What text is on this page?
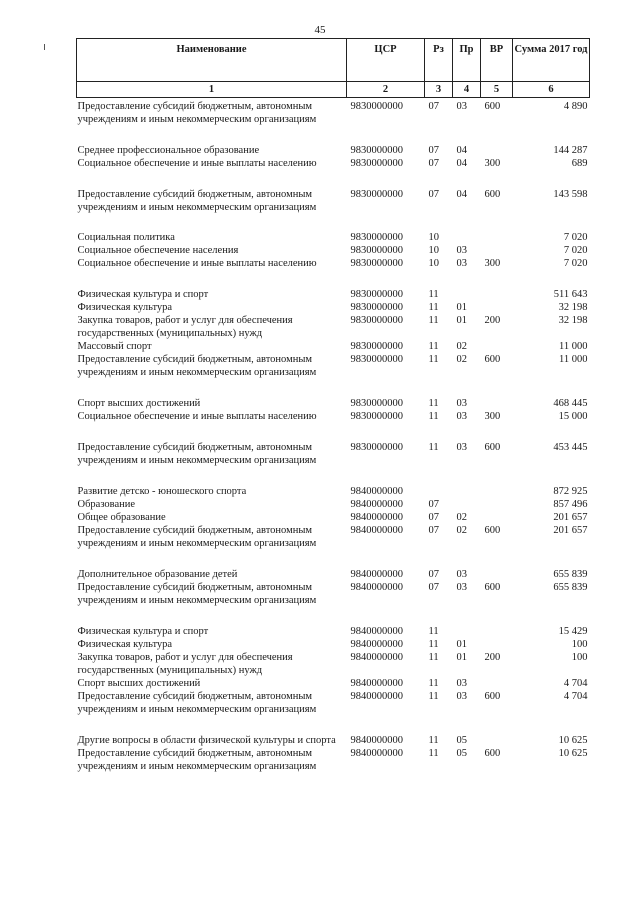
45
Наименование	ЦСР	Рз	Пр	ВР	Сумма 2017 год
1	2	3	4	5	6
Предоставление субсидий бюджетным, автономным учреждениям и иным некоммерческим организациям	9830000000	07	03	600	4 890
Среднее профессиональное образование	9830000000	07	04		144 287
Социальное обеспечение и иные выплаты населению	9830000000	07	04	300	689
Предоставление субсидий бюджетным, автономным учреждениям и иным некоммерческим организациям	9830000000	07	04	600	143 598
Социальная политика	9830000000	10			7 020
Социальное обеспечение населения	9830000000	10	03		7 020
Социальное обеспечение и иные выплаты населению	9830000000	10	03	300	7 020
Физическая культура и спорт	9830000000	11			511 643
Физическая культура	9830000000	11	01		32 198
Закупка товаров, работ и услуг для обеспечения государственных (муниципальных) нужд	9830000000	11	01	200	32 198
Массовый спорт	9830000000	11	02		11 000
Предоставление субсидий бюджетным, автономным учреждениям и иным некоммерческим организациям	9830000000	11	02	600	11 000
Спорт высших достижений	9830000000	11	03		468 445
Социальное обеспечение и иные выплаты населению	9830000000	11	03	300	15 000
Предоставление субсидий бюджетным, автономным учреждениям и иным некоммерческим организациям	9830000000	11	03	600	453 445
Развитие детско - юношеского спорта	9840000000				872 925
Образование	9840000000	07			857 496
Общее образование	9840000000	07	02		201 657
Предоставление субсидий бюджетным, автономным учреждениям и иным некоммерческим организациям	9840000000	07	02	600	201 657
Дополнительное образование детей	9840000000	07	03		655 839
Предоставление субсидий бюджетным, автономным учреждениям и иным некоммерческим организациям	9840000000	07	03	600	655 839
Физическая культура и спорт	9840000000	11			15 429
Физическая культура	9840000000	11	01		100
Закупка товаров, работ и услуг для обеспечения государственных (муниципальных) нужд	9840000000	11	01	200	100
Спорт высших достижений	9840000000	11	03		4 704
Предоставление субсидий бюджетным, автономным учреждениям и иным некоммерческим организациям	9840000000	11	03	600	4 704
Другие вопросы в области физической культуры и спорта	9840000000	11	05		10 625
Предоставление субсидий бюджетным, автономным учреждениям и иным некоммерческим организациям	9840000000	11	05	600	10 625
